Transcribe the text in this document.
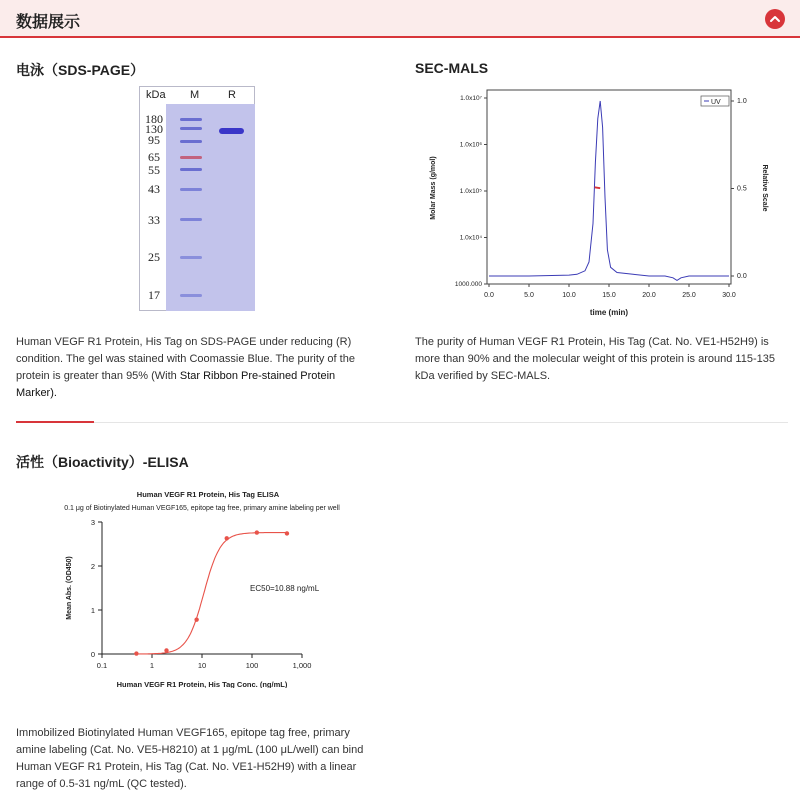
数据展示
电泳（SDS-PAGE）
kDa M	R
180
130
95
65
55
43
33
25
17
Human VEGF R1 Protein, His Tag on SDS-PAGE under reducing (R)
condition. The gel was stained with Coomassie Blue. The purity of the
protein is greater than 95% (With Star Ribbon Pre-stained Protein
Marker).
SEC-MALS
0.0	5.0	10.0	15.0	20.0	25.0	30.0
1.0x10⁷
1.0x10⁶
1.0x10⁵
1.0x10⁴
1000.000
1.0
0.5
0.0
UV
time (min)
Molar Mass (g/mol)	Relative Scale
The purity of Human VEGF R1 Protein, His Tag (Cat. No. VE1-H52H9) is
more than 90% and the molecular weight of this protein is around 115-135
kDa verified by SEC-MALS.
活性（Bioactivity）-ELISA
Human VEGF R1 Protein, His Tag ELISA
0.1 μg of Biotinylated Human VEGF165, epitope tag free, primary amine labeling per well
0.1	1	10	100	1,000
0
1
2
3
EC50=10.88 ng/mL
Human VEGF R1 Protein, His Tag Conc. (ng/mL)
Mean Abs. (OD450)
Immobilized Biotinylated Human VEGF165, epitope tag free, primary
amine labeling (Cat. No. VE5-H8210) at 1 μg/mL (100 μL/well) can bind
Human VEGF R1 Protein, His Tag (Cat. No. VE1-H52H9) with a linear
range of 0.5-31 ng/mL (QC tested).
